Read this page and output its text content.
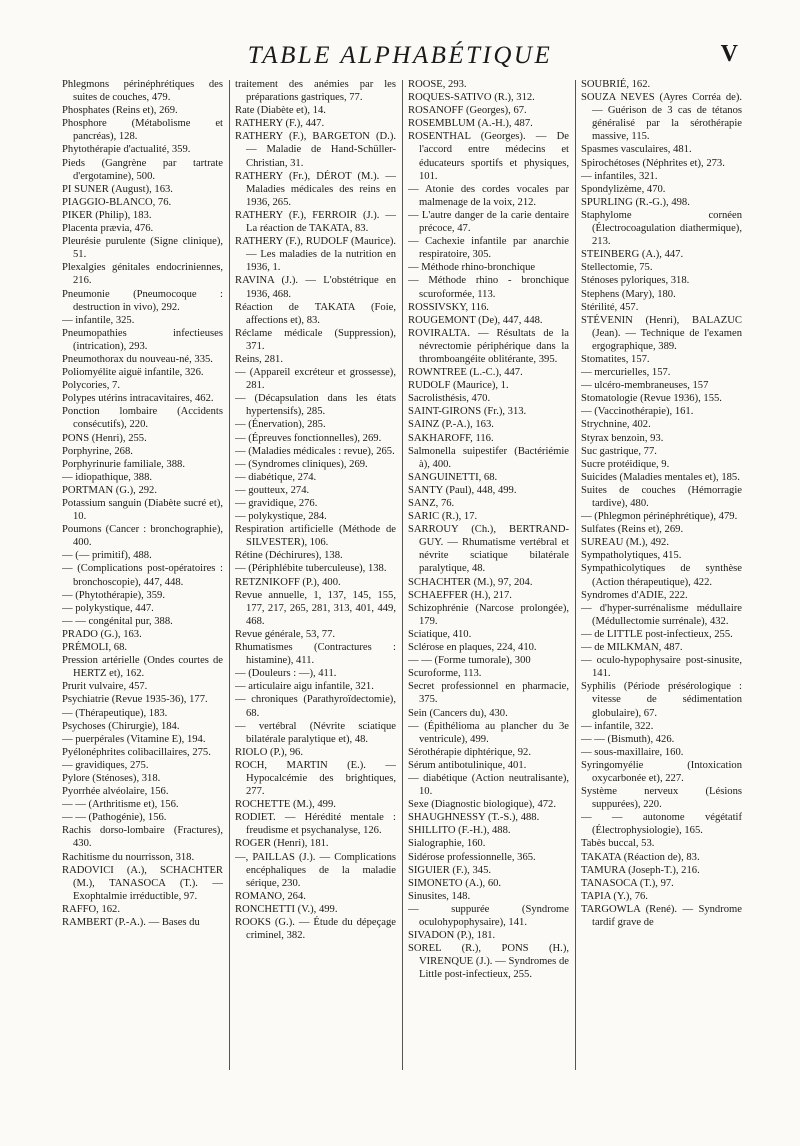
TABLE ALPHABÉTIQUE	V
Phlegmons périnéphrétiques des suites de couches, 479.
Phosphates (Reins et), 269.
Phosphore (Métabolisme et pancréas), 128.
Phytothérapie d'actualité, 359.
Pieds (Gangrène par tartrate d'ergotamine), 500.
PI SUNER (August), 163.
PIAGGIO-BLANCO, 76.
PIKER (Philip), 183.
Placenta prævia, 476.
Pleurésie purulente (Signe clinique), 51.
Plexalgies génitales endocriniennes, 216.
Pneumonie (Pneumocoque : destruction in vivo), 292.
— infantile, 325.
Pneumopathies infectieuses (intrication), 293.
Pneumothorax du nouveau-né, 335.
Poliomyélite aiguë infantile, 326.
Polycories, 7.
Polypes utérins intracavitaires, 462.
Ponction lombaire (Accidents consécutifs), 220.
PONS (Henri), 255.
Porphyrine, 268.
Porphyrinurie familiale, 388.
— idiopathique, 388.
PORTMAN (G.), 292.
Potassium sanguin (Diabète sucré et), 10.
Poumons (Cancer : bronchographie), 400.
— (— primitif), 488.
— (Complications post-opératoires : bronchoscopie), 447, 448.
— (Phytothérapie), 359.
— polykystique, 447.
— — congénital pur, 388.
PRADO (G.), 163.
PRÉMOLI, 68.
Pression artérielle (Ondes courtes de HERTZ et), 162.
Prurit vulvaire, 457.
Psychiatrie (Revue 1935-36), 177.
— (Thérapeutique), 183.
Psychoses (Chirurgie), 184.
— puerpérales (Vitamine E), 194.
Pyélonéphrites colibacillaires, 275.
— gravidiques, 275.
Pylore (Sténoses), 318.
Pyorrhée alvéolaire, 156.
— — (Arthritisme et), 156.
— — (Pathogénie), 156.
Rachis dorso-lombaire (Fractures), 430.
Rachitisme du nourrisson, 318.
RADOVICI (A.), SCHACHTER (M.), TANASOCA (T.). — Exophtalmie irréductible, 97.
RAFFO, 162.
RAMBERT (P.-A.). — Bases du
traitement des anémies par les préparations gastriques, 77.
Rate (Diabète et), 14.
RATHERY (F.), 447.
RATHERY (F.), BARGETON (D.). — Maladie de Hand-Schüller-Christian, 31.
RATHERY (Fr.), DÉROT (M.). — Maladies médicales des reins en 1936, 265.
RATHERY (F.), FERROIR (J.). — La réaction de TAKATA, 83.
RATHERY (F.), RUDOLF (Maurice). — Les maladies de la nutrition en 1936, 1.
RAVINA (J.). — L'obstétrique en 1936, 468.
Réaction de TAKATA (Foie, affections et), 83.
Réclame médicale (Suppression), 371.
Reins, 281.
— (Appareil excréteur et grossesse), 281.
— (Décapsulation dans les états hypertensifs), 285.
— (Énervation), 285.
— (Épreuves fonctionnelles), 269.
— (Maladies médicales : revue), 265.
— (Syndromes cliniques), 269.
— diabétique, 274.
— goutteux, 274.
— gravidique, 276.
— polykystique, 284.
Respiration artificielle (Méthode de SILVESTER), 106.
Rétine (Déchirures), 138.
— (Périphlébite tuberculeuse), 138.
RETZNIKOFF (P.), 400.
Revue annuelle, 1, 137, 145, 155, 177, 217, 265, 281, 313, 401, 449, 468.
Revue générale, 53, 77.
Rhumatismes (Contractures : histamine), 411.
— (Douleurs : —), 411.
— articulaire aigu infantile, 321.
— chroniques (Parathyroïdectomie), 68.
— vertébral (Névrite sciatique bilatérale paralytique et), 48.
RIOLO (P.), 96.
ROCH, MARTIN (E.). — Hypocalcémie des brightiques, 277.
ROCHETTE (M.), 499.
RODIET. — Hérédité mentale : freudisme et psychanalyse, 126.
ROGER (Henri), 181.
—, PAILLAS (J.). — Complications encéphaliques de la maladie sérique, 230.
ROMANO, 264.
RONCHETTI (V.), 499.
ROOKS (G.). — Étude du dépeçage criminel, 382.
ROOSE, 293.
ROQUES-SATIVO (R.), 312.
ROSANOFF (Georges), 67.
ROSEMBLUM (A.-H.), 487.
ROSENTHAL (Georges). — De l'accord entre médecins et éducateurs sportifs et physiques, 101.
— Atonie des cordes vocales par malmenage de la voix, 212.
— L'autre danger de la carie dentaire précoce, 47.
— Cachexie infantile par anarchie respiratoire, 305.
— Méthode rhino-bronchique
— Méthode rhino - bronchique scuroformée, 113.
ROSSIVSKY, 116.
ROUGEMONT (De), 447, 448.
ROVIRALTA. — Résultats de la névrectomie périphérique dans la thromboangéite oblitérante, 395.
ROWNTREE (L.-C.), 447.
RUDOLF (Maurice), 1.
Sacrolisthésis, 470.
SAINT-GIRONS (Fr.), 313.
SAINZ (P.-A.), 163.
SAKHAROFF, 116.
Salmonella suipestifer (Bactériémie à), 400.
SANGUINETTI, 68.
SANTY (Paul), 448, 499.
SANZ, 76.
SARIC (R.), 17.
SARROUY (Ch.), BERTRAND-GUY. — Rhumatisme vertébral et névrite sciatique bilatérale paralytique, 48.
SCHACHTER (M.), 97, 204.
SCHAEFFER (H.), 217.
Schizophrénie (Narcose prolongée), 179.
Sciatique, 410.
Sclérose en plaques, 224, 410.
— — (Forme tumorale), 300
Scuroforme, 113.
Secret professionnel en pharmacie, 375.
Sein (Cancers du), 430.
— (Épithélioma au plancher du 3e ventricule), 499.
Sérothérapie diphtérique, 92.
Sérum antibotulinique, 401.
— diabétique (Action neutralisante), 10.
Sexe (Diagnostic biologique), 472.
SHAUGHNESSY (T.-S.), 488.
SHILLITO (F.-H.), 488.
Sialographie, 160.
Sidérose professionnelle, 365.
SIGUIER (F.), 345.
SIMONETO (A.), 60.
Sinusites, 148.
— suppurée (Syndrome oculohypophysaire), 141.
SIVADON (P.), 181.
SOREL (R.), PONS (H.), VIRENQUE (J.). — Syndromes de Little post-infectieux, 255.
SOUBRIÉ, 162.
SOUZA NEVES (Ayres Corréa de). — Guérison de 3 cas de tétanos généralisé par la sérothérapie massive, 115.
Spasmes vasculaires, 481.
Spirochétoses (Néphrites et), 273.
— infantiles, 321.
Spondylizème, 470.
SPURLING (R.-G.), 498.
Staphylome cornéen (Électrocoagulation diathermique), 213.
STEINBERG (A.), 447.
Stellectomie, 75.
Sténoses pyloriques, 318.
Stephens (Mary), 180.
Stérilité, 457.
STÉVENIN (Henri), BALAZUC (Jean). — Technique de l'examen ergographique, 389.
Stomatites, 157.
— mercurielles, 157.
— ulcéro-membraneuses, 157
Stomatologie (Revue 1936), 155.
— (Vaccinothérapie), 161.
Strychnine, 402.
Styrax benzoin, 93.
Suc gastrique, 77.
Sucre protéidique, 9.
Suicides (Maladies mentales et), 185.
Suites de couches (Hémorragie tardive), 480.
— (Phlegmon périnéphrétique), 479.
Sulfates (Reins et), 269.
SUREAU (M.), 492.
Sympatholytiques, 415.
Sympathicolytiques de synthèse (Action thérapeutique), 422.
Syndromes d'ADIE, 222.
— d'hyper-surrénalisme médullaire (Médullectomie surrénale), 432.
— de LITTLE post-infectieux, 255.
— de MILKMAN, 487.
— oculo-hypophysaire post-sinusite, 141.
Syphilis (Période présérologique : vitesse de sédimentation globulaire), 67.
— infantile, 322.
— — (Bismuth), 426.
— sous-maxillaire, 160.
Syringomyélie (Intoxication oxycarbonée et), 227.
Système nerveux (Lésions suppurées), 220.
— — autonome végétatif (Électrophysiologie), 165.
Tabès buccal, 53.
TAKATA (Réaction de), 83.
TAMURA (Joseph-T.), 216.
TANASOCA (T.), 97.
TAPIA (Y.), 76.
TARGOWLA (René). — Syndrome tardif grave de
